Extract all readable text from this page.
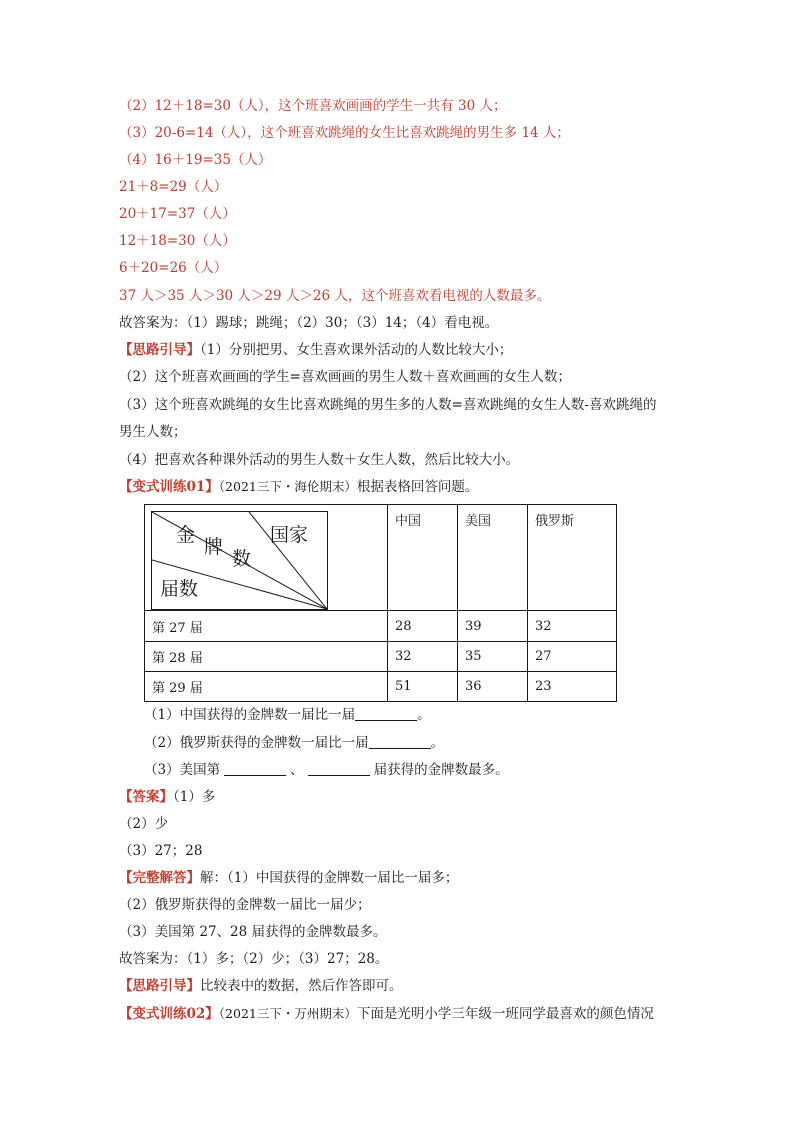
（2）12＋18=30（人），这个班喜欢画画的学生一共有 30 人；
（3）20-6=14（人），这个班喜欢跳绳的女生比喜欢跳绳的男生多 14 人；
（4）16＋19=35（人）
21＋8=29（人）
20＋17=37（人）
12＋18=30（人）
6＋20=26（人）
37 人＞35 人＞30 人＞29 人＞26 人，这个班喜欢看电视的人数最多。
故答案为：（1）踢球；跳绳；（2）30；（3）14；（4）看电视。
【思路引导】（1）分别把男、女生喜欢课外活动的人数比较大小；
（2）这个班喜欢画画的学生=喜欢画画的男生人数＋喜欢画画的女生人数；
（3）这个班喜欢跳绳的女生比喜欢跳绳的男生多的人数=喜欢跳绳的女生人数-喜欢跳绳的
男生人数；
（4）把喜欢各种课外活动的男生人数＋女生人数，然后比较大小。
【变式训练01】（2021三下・海伦期末）根据表格回答问题。
金
牌
数
国家
届数	中国	美国	俄罗斯
第 27 届	28	39	32
第 28 届	32	35	27
第 29 届	51	36	23
（1）中国获得的金牌数一届比一届	。
（2）俄罗斯获得的金牌数一届比一届	。
（3）美国第	、	届获得的金牌数最多。
【答案】（1）多
（2）少
（3）27；28
【完整解答】解：（1）中国获得的金牌数一届比一届多；
（2）俄罗斯获得的金牌数一届比一届少；
（3）美国第 27、28 届获得的金牌数最多。
故答案为：（1）多；（2）少；（3）27；28。
【思路引导】比较表中的数据，然后作答即可。
【变式训练02】（2021三下・万州期末）下面是光明小学三年级一班同学最喜欢的颜色情况
